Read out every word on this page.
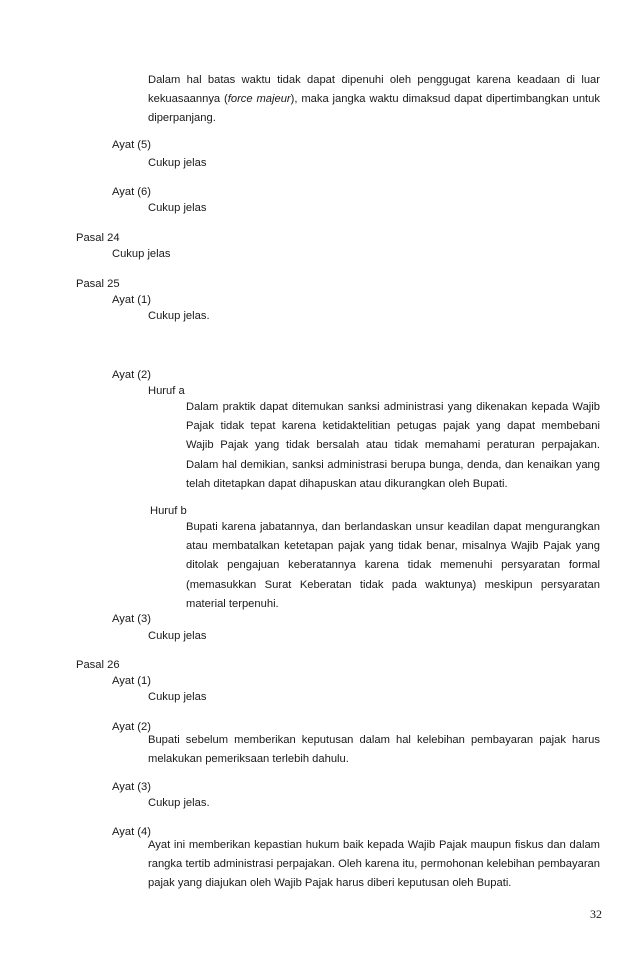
Dalam hal batas waktu tidak dapat dipenuhi oleh penggugat karena keadaan di luar kekuasaannya (force majeur), maka jangka waktu dimaksud dapat dipertimbangkan untuk diperpanjang.

Ayat (5)
Cukup jelas
Ayat (6)
Cukup jelas
Pasal 24
Cukup jelas
Pasal 25
Ayat (1)
Cukup jelas.
Ayat (2)
Huruf a

Dalam praktik dapat ditemukan sanksi administrasi yang dikenakan kepada Wajib Pajak tidak tepat karena ketidaktelitian petugas pajak yang dapat membebani Wajib Pajak yang tidak bersalah atau tidak memahami peraturan perpajakan. Dalam hal demikian, sanksi administrasi berupa bunga, denda, dan kenaikan yang telah ditetapkan dapat dihapuskan atau dikurangkan oleh Bupati.

Huruf b

Bupati karena jabatannya, dan berlandaskan unsur keadilan dapat mengurangkan atau membatalkan ketetapan pajak yang tidak benar, misalnya Wajib Pajak yang ditolak pengajuan keberatannya karena tidak memenuhi persyaratan formal (memasukkan Surat Keberatan tidak pada waktunya) meskipun persyaratan material terpenuhi.

Ayat (3)
Cukup jelas
Pasal 26
Ayat (1)
Cukup jelas
Ayat (2)

Bupati sebelum memberikan keputusan dalam hal kelebihan pembayaran pajak harus melakukan pemeriksaan terlebih dahulu.

Ayat (3)
Cukup jelas.
Ayat (4)

Ayat ini memberikan kepastian hukum baik kepada Wajib Pajak maupun fiskus dan dalam rangka tertib administrasi perpajakan. Oleh karena itu, permohonan kelebihan pembayaran pajak yang diajukan oleh Wajib Pajak harus diberi keputusan oleh Bupati.

32
